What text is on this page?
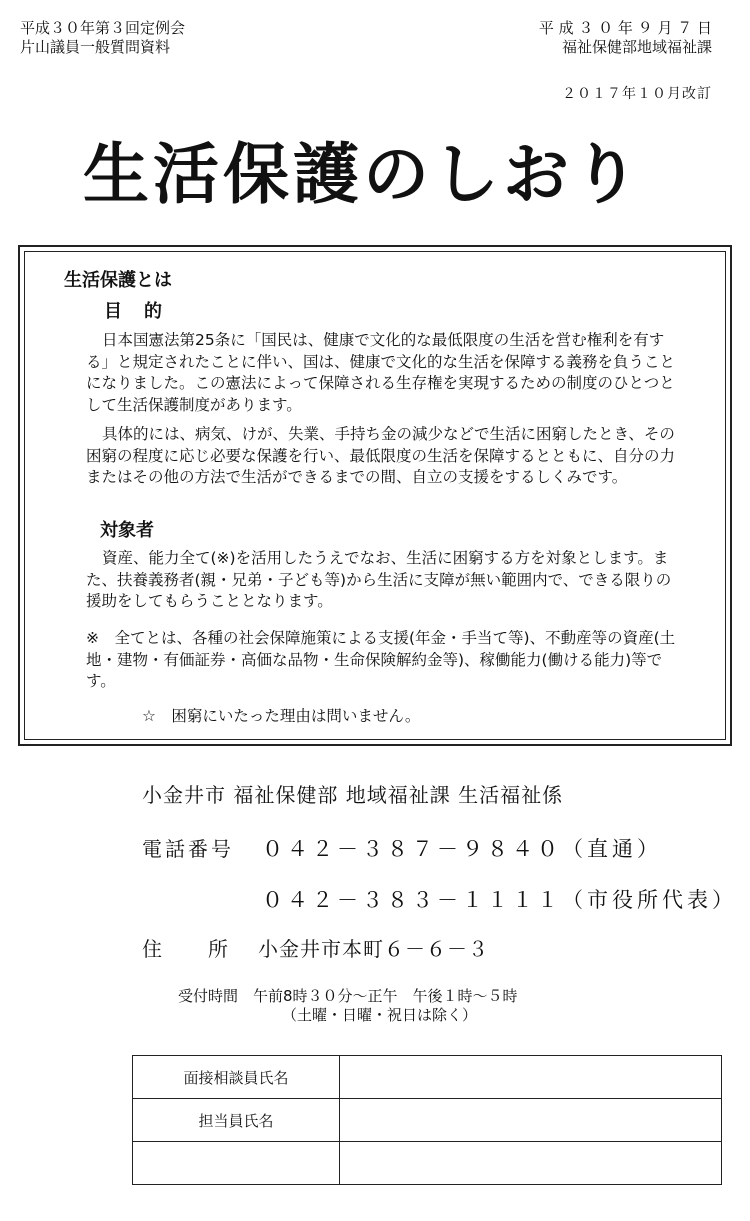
平成３０年第３回定例会
片山議員一般質問資料
平 成 ３ ０ 年 ９ 月 ７ 日
福祉保健部地域福祉課
２０１７年１０月改訂
生活保護のしおり
生活保護とは
目　的
日本国憲法第25条に「国民は、健康で文化的な最低限度の生活を営む権利を有する」と規定されたことに伴い、国は、健康で文化的な生活を保障する義務を負うことになりました。この憲法によって保障される生存権を実現するための制度のひとつとして生活保護制度があります。
具体的には、病気、けが、失業、手持ち金の減少などで生活に困窮したとき、その困窮の程度に応じ必要な保護を行い、最低限度の生活を保障するとともに、自分の力またはその他の方法で生活ができるまでの間、自立の支援をするしくみです。
対象者
資産、能力全て(※)を活用したうえでなお、生活に困窮する方を対象とします。また、扶養義務者(親・兄弟・子ども等)から生活に支障が無い範囲内で、できる限りの援助をしてもらうこととなります。
※　全てとは、各種の社会保障施策による支援(年金・手当て等)、不動産等の資産(土地・建物・有価証券・高価な品物・生命保険解約金等)、稼働能力(働ける能力)等です。
☆　困窮にいたった理由は問いません。
小金井市 福祉保健部 地域福祉課 生活福祉係
電話番号 ０４２－３８７－９８４０（直通）
０４２－３８３－１１１１（市役所代表）
住　　所 小金井市本町６－６－３
受付時間　午前8時３０分～正午　午後１時～５時
（土曜・日曜・祝日は除く）
面接相談員氏名	
担当員氏名	
